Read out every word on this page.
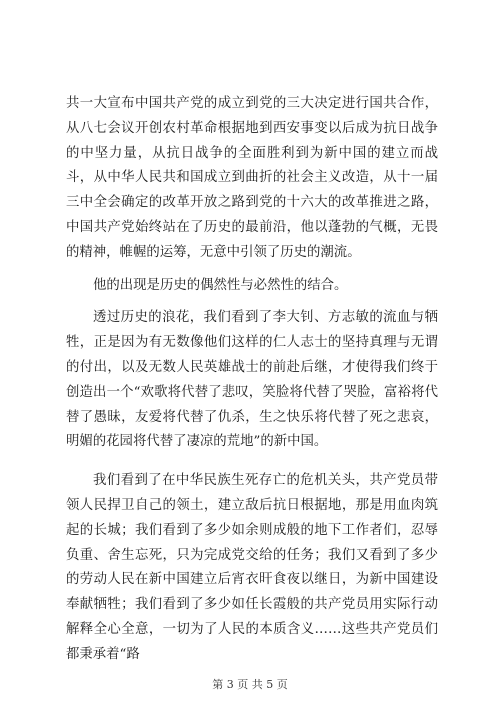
共一大宣布中国共产党的成立到党的三大决定进行国共合作，从八七会议开创农村革命根据地到西安事变以后成为抗日战争的中坚力量，从抗日战争的全面胜利到为新中国的建立而战斗，从中华人民共和国成立到曲折的社会主义改造，从十一届三中全会确定的改革开放之路到党的十六大的改革推进之路，中国共产党始终站在了历史的最前沿，他以蓬勃的气概，无畏的精神，帷幄的运筹，无意中引领了历史的潮流。

他的出现是历史的偶然性与必然性的结合。

透过历史的浪花，我们看到了李大钊、方志敏的流血与牺牲，正是因为有无数像他们这样的仁人志士的坚持真理与无谓的付出，以及无数人民英雄战士的前赴后继，才使得我们终于创造出一个“欢歌将代替了悲叹，笑脸将代替了哭脸，富裕将代替了愚昧，友爱将代替了仇杀，生之快乐将代替了死之悲哀，明媚的花园将代替了凄凉的荒地”的新中国。

我们看到了在中华民族生死存亡的危机关头，共产党员带领人民捍卫自己的领土，建立敌后抗日根据地，那是用血肉筑起的长城；我们看到了多少如余则成般的地下工作者们，忍辱负重、舍生忘死，只为完成党交给的任务；我们又看到了多少的劳动人民在新中国建立后宵衣旰食夜以继日，为新中国建设奉献牺牲；我们看到了多少如任长霞般的共产党员用实际行动解释全心全意，一切为了人民的本质含义……这些共产党员们都秉承着“路

第 3 页 共 5 页
